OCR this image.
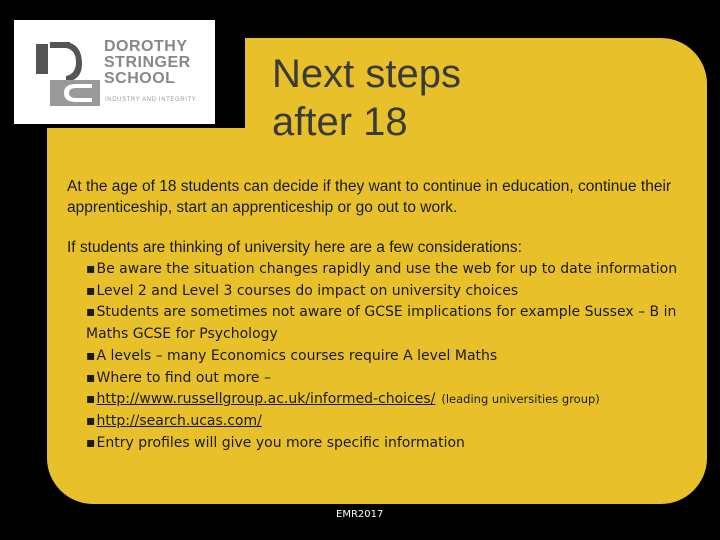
DOROTHY
STRINGER
SCHOOL
INDUSTRY AND INTEGRITY
Next steps
after 18

At the age of 18 students can decide if they want to continue in education, continue their apprenticeship, start an apprenticeship or go out to work.

If students are thinking of university here are a few considerations:

▪ Be aware the situation changes rapidly and use the web for up to date information
▪ Level 2 and Level 3 courses do impact on university choices
▪ Students are sometimes not aware of GCSE implications for example Sussex – B in Maths GCSE for Psychology
▪ A levels – many Economics courses require A level Maths
▪ Where to find out more –
▪ http://www.russellgroup.ac.uk/informed-choices/ (leading universities group)
▪ http://search.ucas.com/
▪ Entry profiles will give you more specific information
EMR2017
